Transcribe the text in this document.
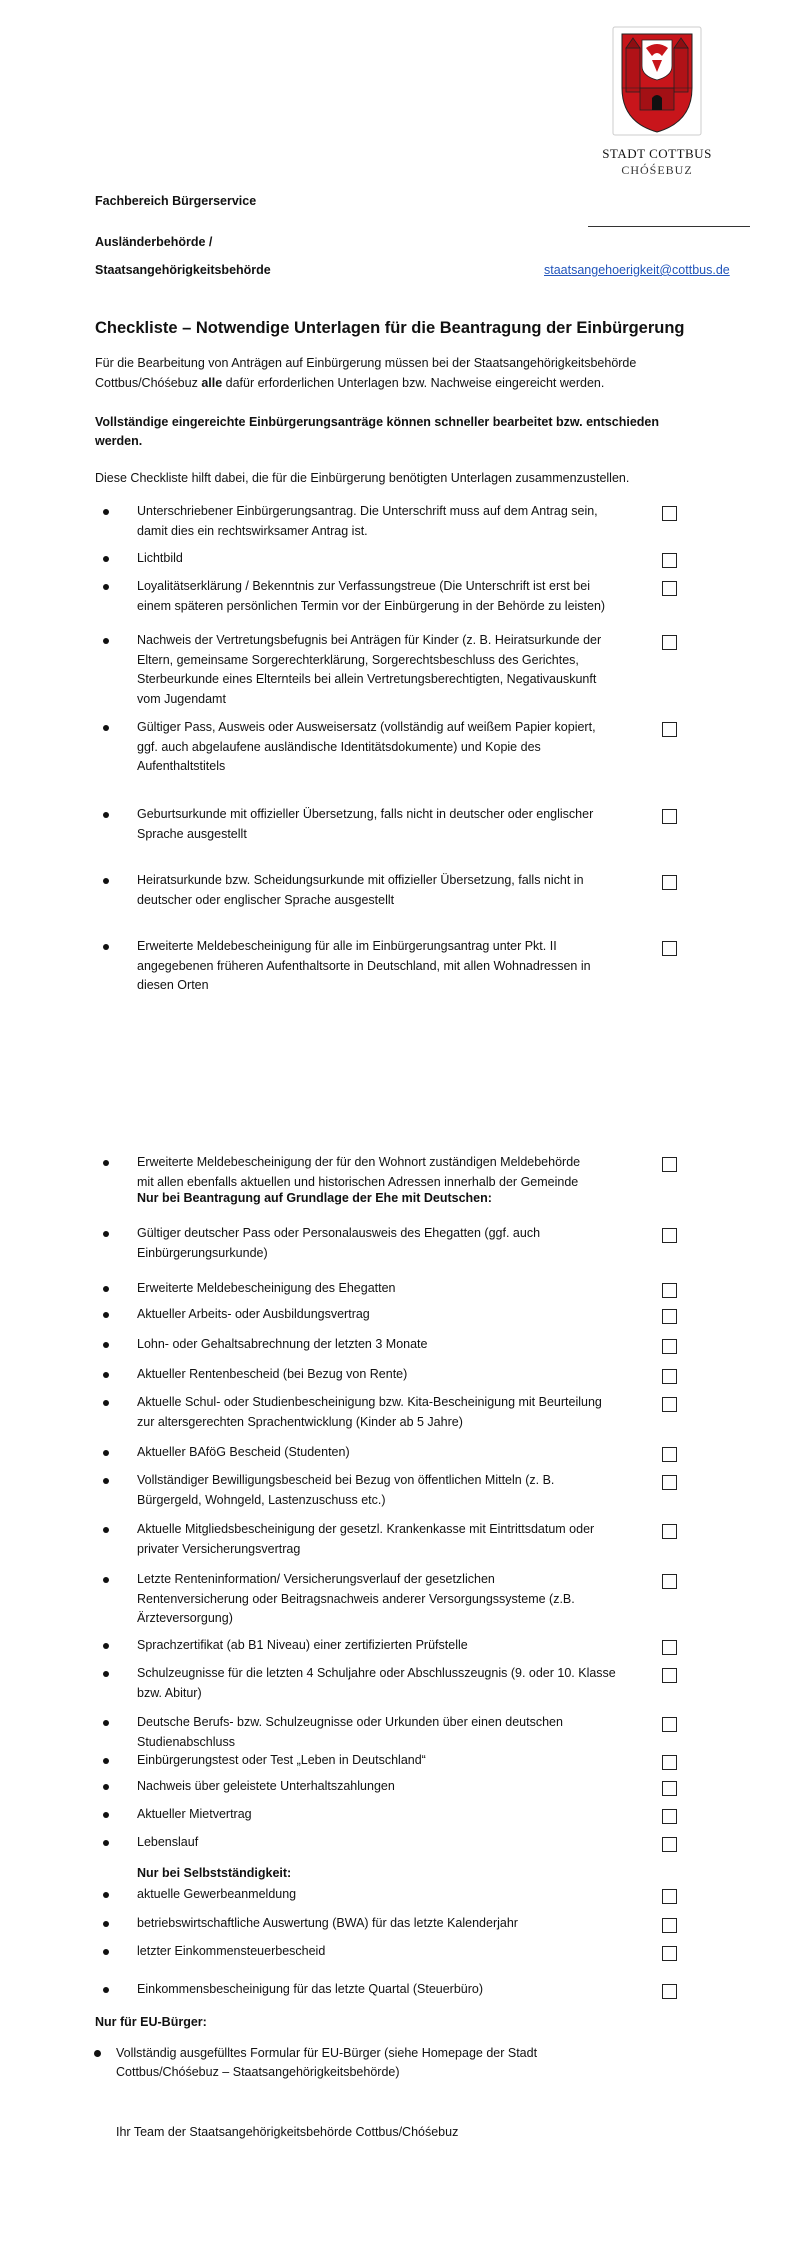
STADT COTTBUS
CHÓŚEBUZ
Fachbereich Bürgerservice
Ausländerbehörde /
Staatsangehörigkeitsbehörde	staatsangehoerigkeit@cottbus.de
Checkliste – Notwendige Unterlagen für die Beantragung der Einbürgerung
Für die Bearbeitung von Anträgen auf Einbürgerung müssen bei der Staatsangehörigkeitsbehörde
Cottbus/Chóśebuz alle dafür erforderlichen Unterlagen bzw. Nachweise eingereicht werden.
Vollständige eingereichte Einbürgerungsanträge können schneller bearbeitet bzw. entschieden
werden.
Diese Checkliste hilft dabei, die für die Einbürgerung benötigten Unterlagen zusammenzustellen.
Unterschriebener Einbürgerungsantrag. Die Unterschrift muss auf dem Antrag sein,
damit dies ein rechtswirksamer Antrag ist.
Lichtbild
Loyalitätserklärung / Bekenntnis zur Verfassungstreue (Die Unterschrift ist erst bei
einem späteren persönlichen Termin vor der Einbürgerung in der Behörde zu leisten)
Nachweis der Vertretungsbefugnis bei Anträgen für Kinder (z. B. Heiratsurkunde der
Eltern, gemeinsame Sorgerechterklärung, Sorgerechtsbeschluss des Gerichtes,
Sterbeurkunde eines Elternteils bei allein Vertretungsberechtigten, Negativauskunft
vom Jugendamt
Gültiger Pass, Ausweis oder Ausweisersatz (vollständig auf weißem Papier kopiert,
ggf. auch abgelaufene ausländische Identitätsdokumente) und Kopie des
Aufenthaltstitels
Geburtsurkunde mit offizieller Übersetzung, falls nicht in deutscher oder englischer
Sprache ausgestellt
Heiratsurkunde bzw. Scheidungsurkunde mit offizieller Übersetzung, falls nicht in
deutscher oder englischer Sprache ausgestellt
Erweiterte Meldebescheinigung für alle im Einbürgerungsantrag unter Pkt. II
angegebenen früheren Aufenthaltsorte in Deutschland, mit allen Wohnadressen in
diesen Orten
Erweiterte Meldebescheinigung der für den Wohnort zuständigen Meldebehörde
mit allen ebenfalls aktuellen und historischen Adressen innerhalb der Gemeinde
Gültiger deutscher Pass oder Personalausweis des Ehegatten (ggf. auch
Einbürgerungsurkunde)
Erweiterte Meldebescheinigung des Ehegatten
Aktueller Arbeits- oder Ausbildungsvertrag
Lohn- oder Gehaltsabrechnung der letzten 3 Monate
Aktueller Rentenbescheid (bei Bezug von Rente)
Aktuelle Schul- oder Studienbescheinigung bzw. Kita-Bescheinigung mit Beurteilung
zur altersgerechten Sprachentwicklung (Kinder ab 5 Jahre)
Aktueller BAföG Bescheid (Studenten)
Vollständiger Bewilligungsbescheid bei Bezug von öffentlichen Mitteln (z. B.
Bürgergeld, Wohngeld, Lastenzuschuss etc.)
Aktuelle Mitgliedsbescheinigung der gesetzl. Krankenkasse mit Eintrittsdatum oder
privater Versicherungsvertrag
Letzte Renteninformation/ Versicherungsverlauf der gesetzlichen
Rentenversicherung oder Beitragsnachweis anderer Versorgungssysteme (z.B.
Ärzteversorgung)
Sprachzertifikat (ab B1 Niveau) einer zertifizierten Prüfstelle
Schulzeugnisse für die letzten 4 Schuljahre oder Abschlusszeugnis (9. oder 10. Klasse
bzw. Abitur)
Deutsche Berufs- bzw. Schulzeugnisse oder Urkunden über einen deutschen
Studienabschluss
Einbürgerungstest oder Test „Leben in Deutschland“
Nachweis über geleistete Unterhaltszahlungen
Aktueller Mietvertrag
Lebenslauf
aktuelle Gewerbeanmeldung
betriebswirtschaftliche Auswertung (BWA) für das letzte Kalenderjahr
letzter Einkommensteuerbescheid
Einkommensbescheinigung für das letzte Quartal (Steuerbüro)
Nur bei Beantragung auf Grundlage der Ehe mit Deutschen:
Nur bei Selbstständigkeit:
Nur für EU-Bürger:
Vollständig ausgefülltes Formular für EU-Bürger (siehe Homepage der Stadt
Cottbus/Chóśebuz – Staatsangehörigkeitsbehörde)
Ihr Team der Staatsangehörigkeitsbehörde Cottbus/Chóśebuz
